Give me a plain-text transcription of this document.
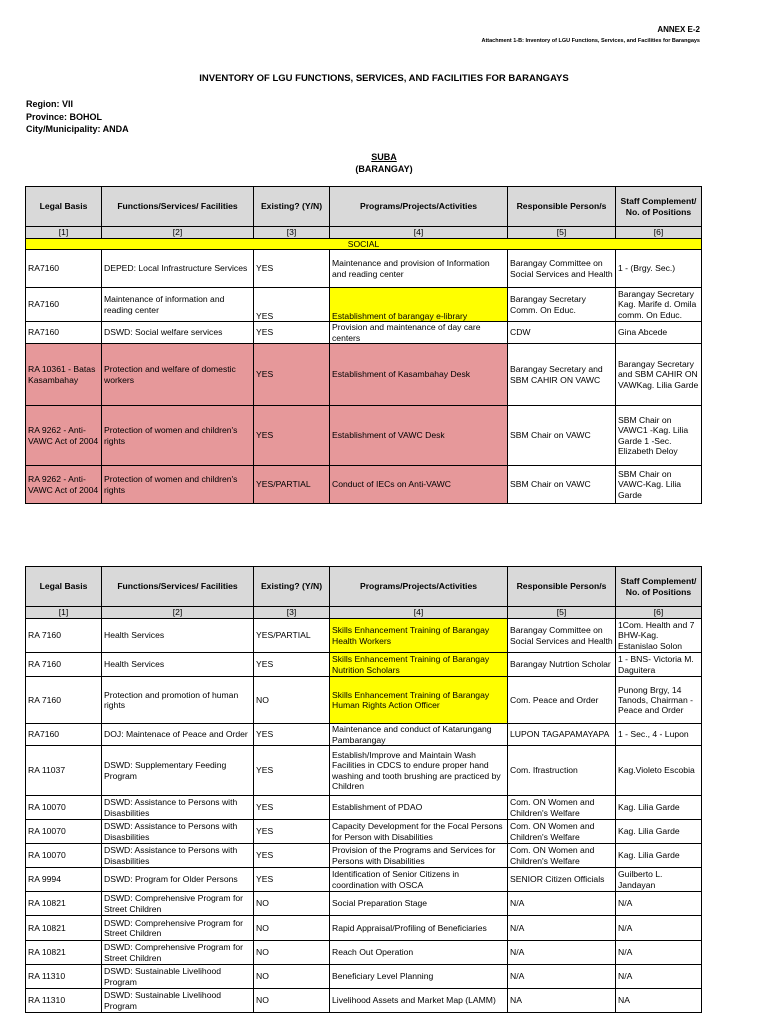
ANNEX E-2
Attachment 1-B: Inventory of LGU Functions, Services, and Facilities for Barangays
INVENTORY OF LGU FUNCTIONS, SERVICES, AND FACILITIES FOR BARANGAYS
Region: VII
Province: BOHOL
City/Municipality: ANDA
SUBA
(BARANGAY)
Legal Basis	Functions/Services/ Facilities	Existing? (Y/N)	Programs/Projects/Activities	Responsible Person/s	Staff Complement/ No. of Positions
[1]	[2]	[3]	[4]	[5]	[6]
SOCIAL					
RA7160	DEPED: Local Infrastructure Services	YES	Maintenance and provision of Information and reading center	Barangay Committee on Social Services and Health	1 - (Brgy. Sec.)
RA7160	Maintenance of information and reading center	YES	Establishment of barangay e-library	Barangay Secretary Comm. On Educ.	Barangay Secretary Kag. Marife d. Omila comm. On Educ.
RA7160	DSWD: Social welfare services	YES	Provision and maintenance of day care centers	CDW	Gina Abcede
RA 10361 - Batas Kasambahay	Protection and welfare of domestic workers	YES	Establishment of Kasambahay Desk	Barangay Secretary and SBM CAHIR ON VAWC	Barangay Secretary and SBM CAHIR ON VAWKag. Lilia Garde
RA 9262 - Anti-VAWC Act of 2004	Protection of women and children's rights	YES	Establishment of VAWC Desk	SBM Chair on VAWC	SBM Chair on VAWC1 -Kag. Lilia Garde 1 -Sec. Elizabeth Deloy
RA 9262 - Anti-VAWC Act of 2004	Protection of women and children's rights	YES/PARTIAL	Conduct of IECs on Anti-VAWC	SBM Chair on VAWC	SBM Chair on VAWC-Kag. Lilia Garde
Legal Basis	Functions/Services/ Facilities	Existing? (Y/N)	Programs/Projects/Activities	Responsible Person/s	Staff Complement/ No. of Positions
[1]	[2]	[3]	[4]	[5]	[6]
RA 7160	Health Services	YES/PARTIAL	Skills Enhancement Training of Barangay Health Workers	Barangay Committee on Social Services and Health	1Com. Health and 7 BHW-Kag. Estanislao Solon
RA 7160	Health Services	YES	Skills Enhancement Training of Barangay Nutrition Scholars	Barangay Nutrtion Scholar	1 - BNS- Victoria M. Daguitera
RA 7160	Protection and promotion of human rights	NO	Skills Enhancement Training of Barangay Human Rights Action Officer	Com. Peace and Order	Punong Brgy, 14 Tanods, Chairman - Peace and Order
RA7160	DOJ: Maintenace of Peace and Order	YES	Maintenance and conduct of Katarungang Pambarangay	LUPON TAGAPAMAYAPA	1 - Sec., 4 - Lupon
RA 11037	DSWD: Supplementary Feeding Program	YES	Establish/Improve and Maintain Wash Facilities in CDCS to endure proper hand washing and tooth brushing are practiced by Children	Com. Ifrastruction	Kag.Violeto Escobia
RA 10070	DSWD: Assistance to Persons with Disasbilities	YES	Establishment of PDAO	Com. ON Women and Children's Welfare	Kag. Lilia Garde
RA 10070	DSWD: Assistance to Persons with Disasbilities	YES	Capacity Development for the Focal Persons for Person with Disabilities	Com. ON Women and Children's Welfare	Kag. Lilia Garde
RA 10070	DSWD: Assistance to Persons with Disasbilities	YES	Provision of the Programs and Services for Persons with Disabilities	Com. ON Women and Children's Welfare	Kag. Lilia Garde
RA 9994	DSWD: Program for Older Persons	YES	Identification of Senior Citizens in coordination with OSCA	SENIOR Citizen Officials	Guilberto L. Jandayan
RA 10821	DSWD: Comprehensive Program for Street Children	NO	Social Preparation Stage	N/A	N/A
RA 10821	DSWD: Comprehensive Program for Street Children	NO	Rapid Appraisal/Profiling of Beneficiaries	N/A	N/A
RA 10821	DSWD: Comprehensive Program for Street Children	NO	Reach Out Operation	N/A	N/A
RA 11310	DSWD: Sustainable Livelihood Program	NO	Beneficiary Level Planning	N/A	N/A
RA 11310	DSWD: Sustainable Livelihood Program	NO	Livelihood Assets and Market Map (LAMM)	NA	NA
